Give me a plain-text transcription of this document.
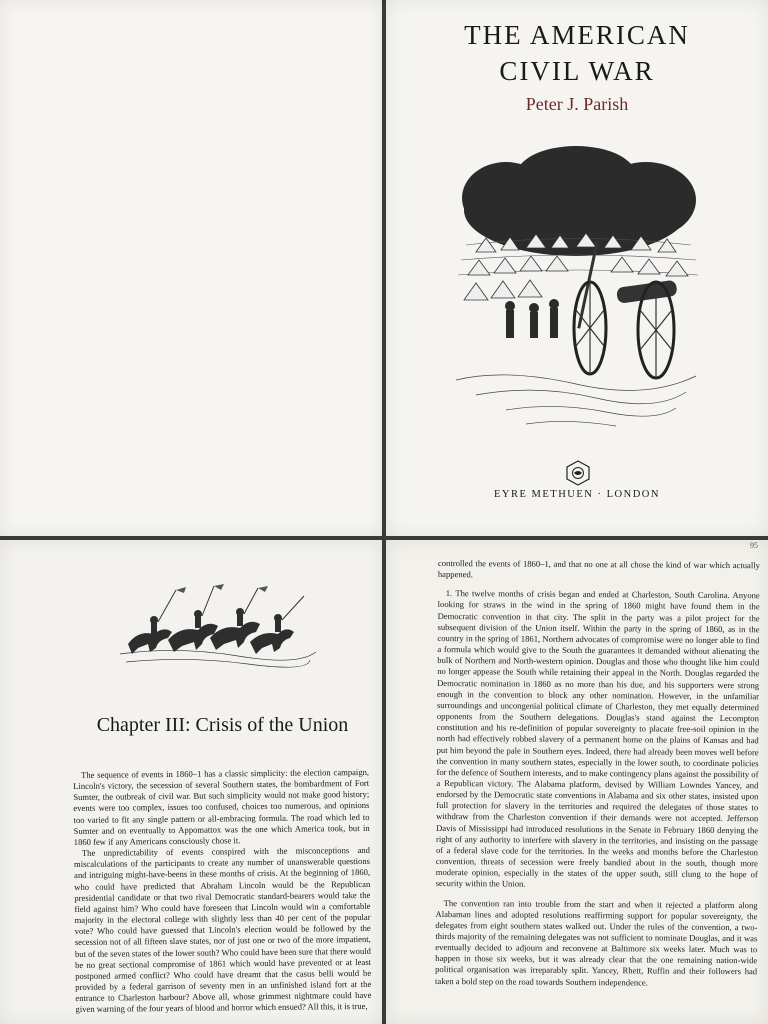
THE AMERICAN
CIVIL WAR
Peter J. Parish
EYRE METHUEN · LONDON
Chapter III: Crisis of the Union

The sequence of events in 1860–1 has a classic simplicity: the election campaign, Lincoln's victory, the secession of several Southern states, the bombardment of Fort Sumter, the outbreak of civil war. But such simplicity would not make good history; events were too complex, issues too confused, choices too numerous, and opinions too varied to fit any single pattern or all-embracing formula. The road which led to Sumter and on eventually to Appomattox was the one which America took, but in 1860 few if any Americans consciously chose it.

The unpredictability of events conspired with the misconceptions and miscalculations of the participants to create any number of unanswerable questions and intriguing might-have-beens in these months of crisis. At the beginning of 1860, who could have predicted that Abraham Lincoln would be the Republican presidential candidate or that two rival Democratic standard-bearers would take the field against him? Who could have foreseen that Lincoln would win a comfortable majority in the electoral college with slightly less than 40 per cent of the popular vote? Who could have guessed that Lincoln's election would be followed by the secession not of all fifteen slave states, nor of just one or two of the more impatient, but of the seven states of the lower south? Who could have been sure that there would be no great sectional compromise of 1861 which would have prevented or at least postponed armed conflict? Who could have dreamt that the casus belli would be provided by a federal garrison of seventy men in an unfinished island fort at the entrance to Charleston harbour? Above all, whose grimmest nightmare could have given warning of the four years of blood and horror which ensued? All this, it is true,

95

controlled the events of 1860–1, and that no one at all chose the kind of war which actually happened.

1. The twelve months of crisis began and ended at Charleston, South Carolina. Anyone looking for straws in the wind in the spring of 1860 might have found them in the Democratic convention in that city. The split in the party was a pilot project for the subsequent division of the Union itself. Within the party in the spring of 1860, as in the country in the spring of 1861, Northern advocates of compromise were no longer able to find a formula which would give to the South the guarantees it demanded without alienating the bulk of Northern and North-western opinion. Douglas and those who thought like him could no longer appease the South while retaining their appeal in the North. Douglas regarded the Democratic nomination in 1860 as no more than his due, and his supporters were strong enough in the convention to block any other nomination. However, in the unfamiliar surroundings and uncongenial political climate of Charleston, they met equally determined opponents from the Southern delegations. Douglas's stand against the Lecompton constitution and his re-definition of popular sovereignty to placate free-soil opinion in the north had effectively robbed slavery of a permanent home on the plains of Kansas and had put him beyond the pale in Southern eyes. Indeed, there had already been moves well before the convention in many southern states, especially in the lower south, to coordinate policies for the defence of Southern interests, and to make contingency plans against the possibility of a Republican victory. The Alabama platform, devised by William Lowndes Yancey, and endorsed by the Democratic state conventions in Alabama and six other states, insisted upon full protection for slavery in the territories and required the delegates of those states to withdraw from the Charleston convention if their demands were not accepted. Jefferson Davis of Mississippi had introduced resolutions in the Senate in February 1860 denying the right of any authority to interfere with slavery in the territories, and insisting on the passage of a federal slave code for the territories. In the weeks and months before the Charleston convention, threats of secession were freely bandied about in the south, though more moderate opinion, especially in the states of the upper south, still clung to the hope of security within the Union.

The convention ran into trouble from the start and when it rejected a platform along Alabaman lines and adopted resolutions reaffirming support for popular sovereignty, the delegates from eight southern states walked out. Under the rules of the convention, a two-thirds majority of the remaining delegates was not sufficient to nominate Douglas, and it was eventually decided to adjourn and reconvene at Baltimore six weeks later. Much was to happen in those six weeks, but it was already clear that the one remaining nation-wide political organisation was irreparably split. Yancey, Rhett, Ruffin and their followers had taken a bold step on the road towards Southern independence.
